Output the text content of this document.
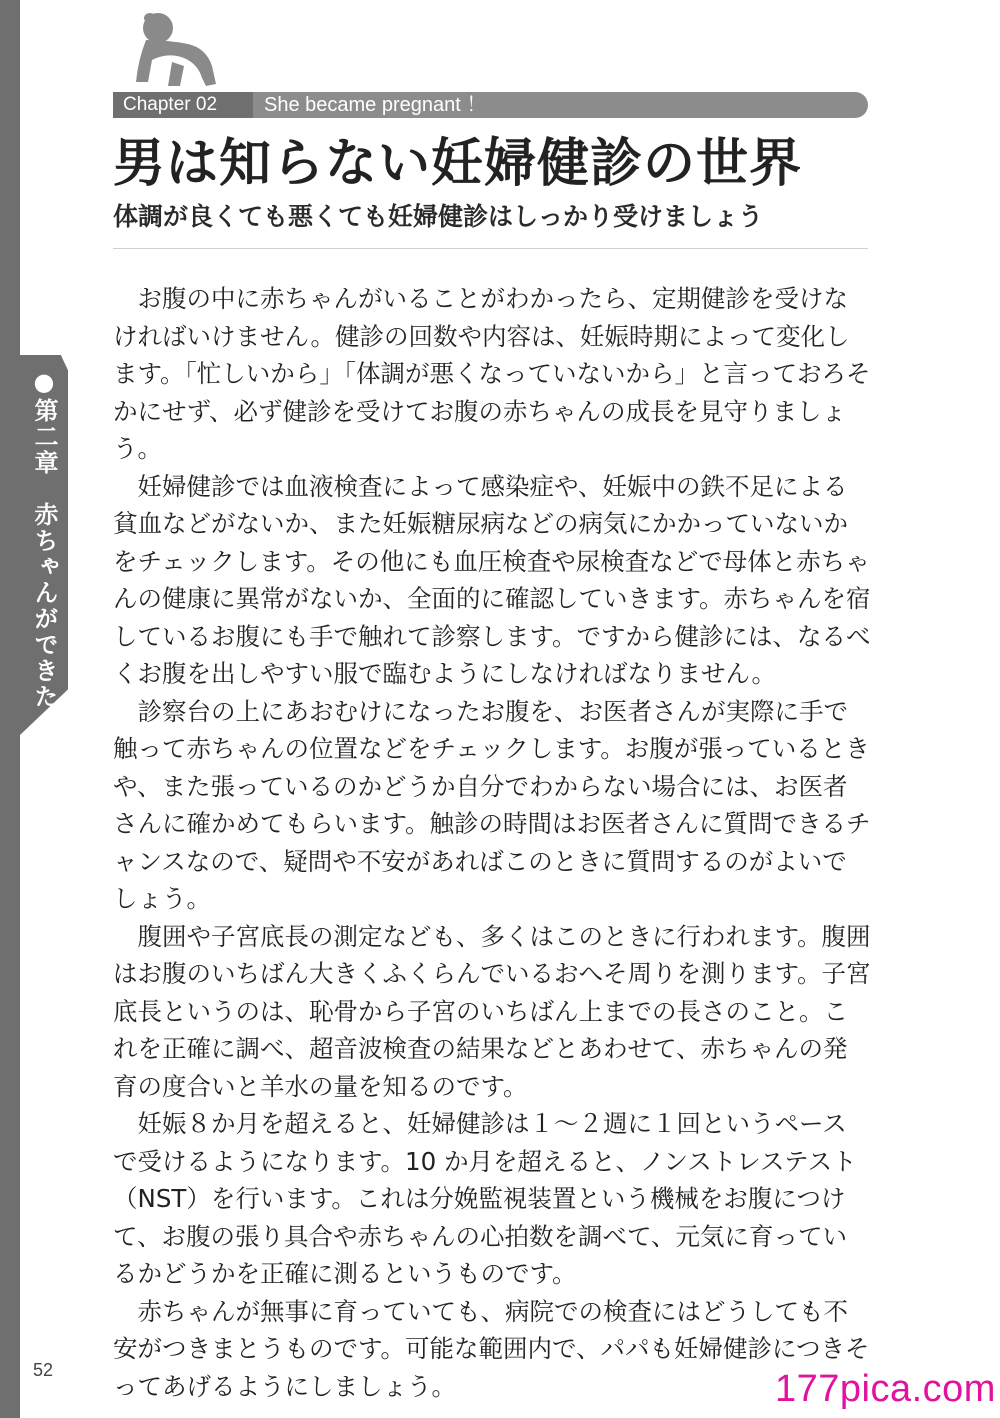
●第二章　赤ちゃんができた！
Chapter 02	She became pregnant ！
男は知らない妊婦健診の世界
体調が良くても悪くても妊婦健診はしっかり受けましょう

お腹の中に赤ちゃんがいることがわかったら、定期健診を受けなければいけません。健診の回数や内容は、妊娠時期によって変化します。「忙しいから」「体調が悪くなっていないから」と言っておろそかにせず、必ず健診を受けてお腹の赤ちゃんの成長を見守りましょう。

妊婦健診では血液検査によって感染症や、妊娠中の鉄不足による貧血などがないか、また妊娠糖尿病などの病気にかかっていないかをチェックします。その他にも血圧検査や尿検査などで母体と赤ちゃんの健康に異常がないか、全面的に確認していきます。赤ちゃんを宿しているお腹にも手で触れて診察します。ですから健診には、なるべくお腹を出しやすい服で臨むようにしなければなりません。

診察台の上にあおむけになったお腹を、お医者さんが実際に手で触って赤ちゃんの位置などをチェックします。お腹が張っているときや、また張っているのかどうか自分でわからない場合には、お医者さんに確かめてもらいます。触診の時間はお医者さんに質問できるチャンスなので、疑問や不安があればこのときに質問するのがよいでしょう。

腹囲や子宮底長の測定なども、多くはこのときに行われます。腹囲はお腹のいちばん大きくふくらんでいるおへそ周りを測ります。子宮底長というのは、恥骨から子宮のいちばん上までの長さのこと。これを正確に調べ、超音波検査の結果などとあわせて、赤ちゃんの発育の度合いと羊水の量を知るのです。

妊娠８か月を超えると、妊婦健診は１～２週に１回というペースで受けるようになります。10 か月を超えると、ノンストレステスト（NST）を行います。これは分娩監視装置という機械をお腹につけて、お腹の張り具合や赤ちゃんの心拍数を調べて、元気に育っているかどうかを正確に測るというものです。

赤ちゃんが無事に育っていても、病院での検査にはどうしても不安がつきまとうものです。可能な範囲内で、パパも妊婦健診につきそってあげるようにしましょう。

52	177pica.com
